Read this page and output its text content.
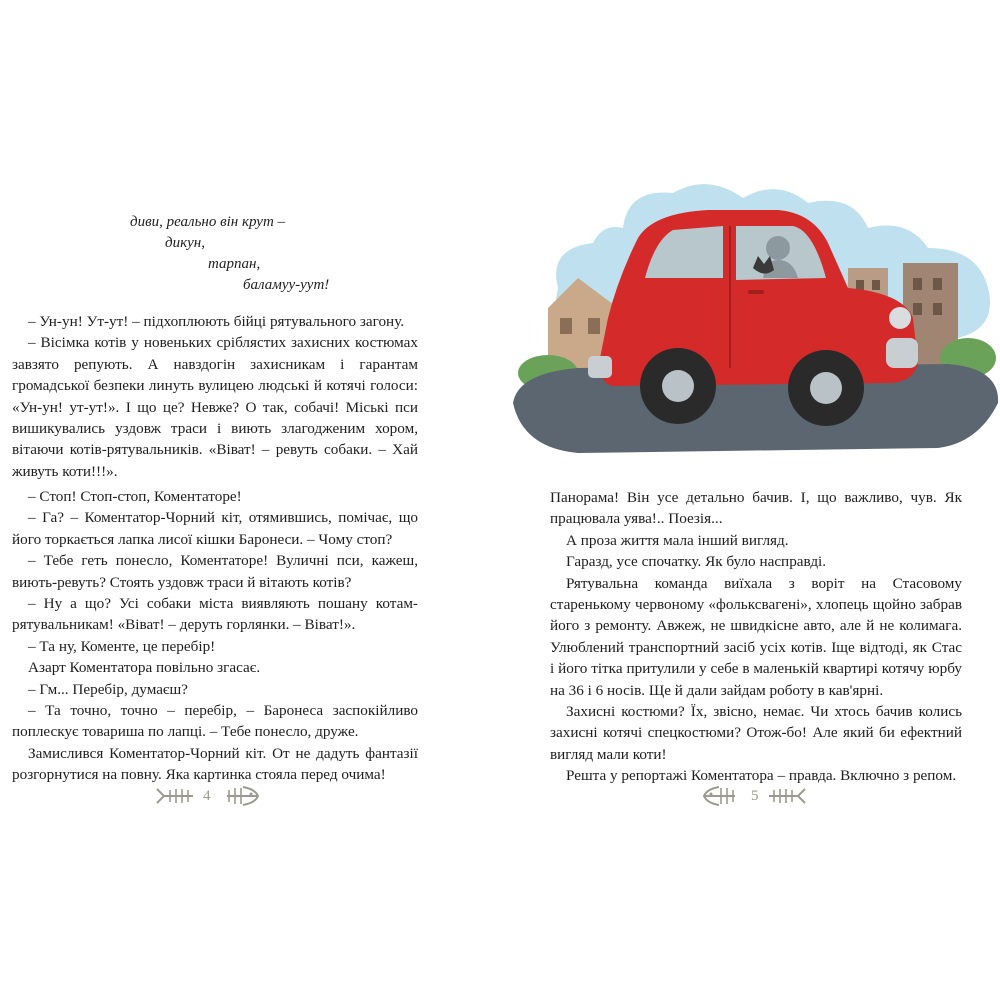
диви, реально він крут –
дикун,
тарпан,
баламуу-уут!

– Ун-ун! Ут-ут! – підхоплюють бійці рятувального загону.

– Вісімка котів у новеньких сріблястих захисних костюмах завзято репують. А навздогін захисникам і гарантам громадської безпеки линуть вулицею людські й котячі голоси: «Ун-ун! ут-ут!». І що це? Невже? О так, собачі! Міські пси вишикувались уздовж траси і виють злагодженим хором, вітаючи котів-рятувальників. «Віват! – ревуть собаки. – Хай живуть коти!!!».

– Стоп! Стоп-стоп, Коментаторе!

– Га? – Коментатор-Чорний кіт, отямившись, помічає, що його торкається лапка лисої кішки Баронеси. – Чому стоп?

– Тебе геть понесло, Коментаторе! Вуличні пси, кажеш, виють-ревуть? Стоять уздовж траси й вітають котів?

– Ну а що? Усі собаки міста виявляють пошану котам-рятувальникам! «Віват! – деруть горлянки. – Віват!».

– Та ну, Коменте, це перебір!

Азарт Коментатора повільно згасає.

– Гм... Перебір, думаєш?

– Та точно, точно – перебір, – Баронеса заспокійливо поплескує товариша по лапці. – Тебе понесло, друже.

Замислився Коментатор-Чорний кіт. От не дадуть фантазії розгорнутися на повну. Яка картинка стояла перед очима!

4

Панорама! Він усе детально бачив. І, що важливо, чув. Як працювала уява!.. Поезія...

А проза життя мала інший вигляд.

Гаразд, усе спочатку. Як було насправді.

Рятувальна команда виїхала з воріт на Стасовому старенькому червоному «фольксвагені», хлопець щойно забрав його з ремонту. Авжеж, не швидкісне авто, але й не колимага. Улюблений транспортний засіб усіх котів. Іще відтоді, як Стас і його тітка притулили у себе в маленькій квартирі котячу юрбу на 36 і 6 носів. Ще й дали зайдам роботу в кав'ярні.

Захисні костюми? Їх, звісно, немає. Чи хтось бачив колись захисні котячі спецкостюми? Отож-бо! Але який би ефектний вигляд мали коти!

Решта у репортажі Коментатора – правда. Включно з репом.

5
